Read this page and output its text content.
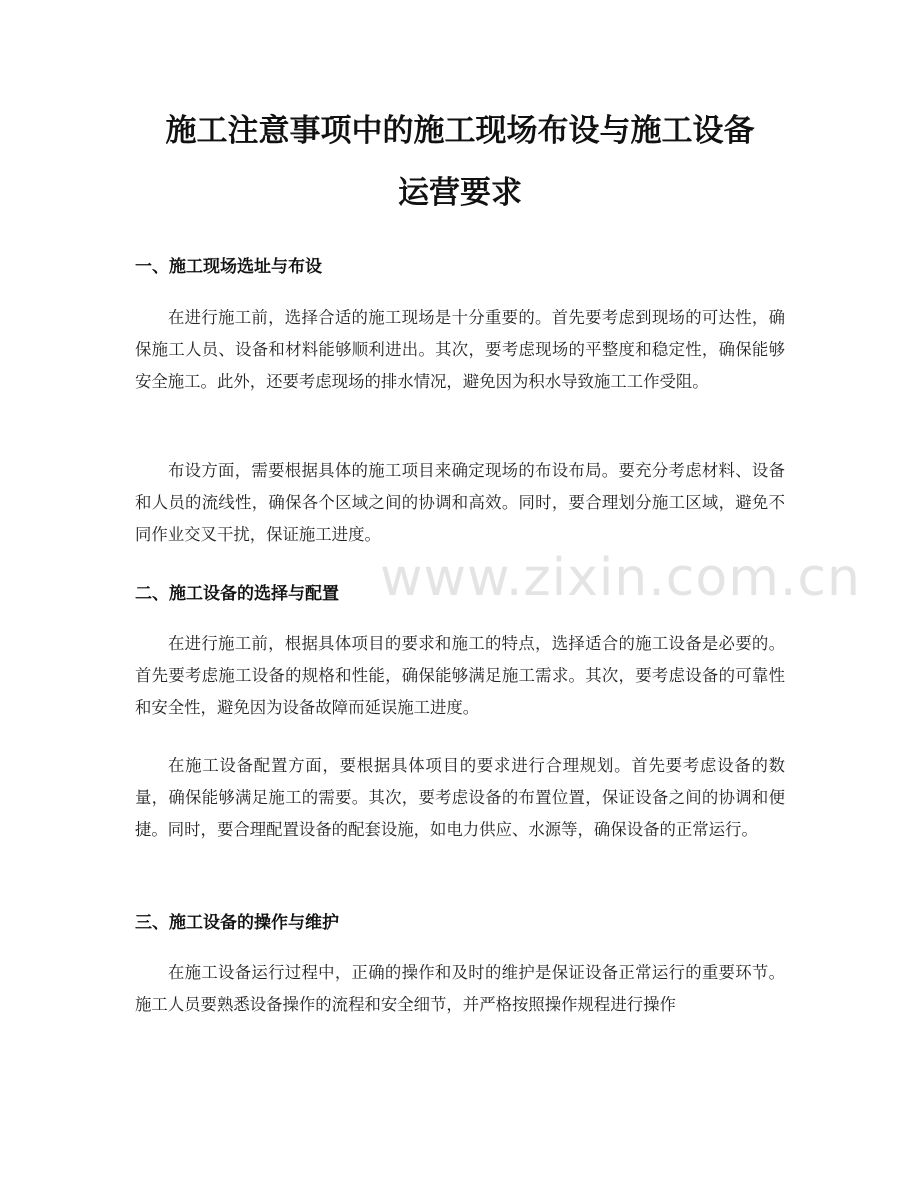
www.zixin.com.cn
施工注意事项中的施工现场布设与施工设备
运营要求
一、施工现场选址与布设

在进行施工前，选择合适的施工现场是十分重要的。首先要考虑到现场的可达性，确保施工人员、设备和材料能够顺利进出。其次，要考虑现场的平整度和稳定性，确保能够安全施工。此外，还要考虑现场的排水情况，避免因为积水导致施工工作受阻。

布设方面，需要根据具体的施工项目来确定现场的布设布局。要充分考虑材料、设备和人员的流线性，确保各个区域之间的协调和高效。同时，要合理划分施工区域，避免不同作业交叉干扰，保证施工进度。

二、施工设备的选择与配置

在进行施工前，根据具体项目的要求和施工的特点，选择适合的施工设备是必要的。首先要考虑施工设备的规格和性能，确保能够满足施工需求。其次，要考虑设备的可靠性和安全性，避免因为设备故障而延误施工进度。

在施工设备配置方面，要根据具体项目的要求进行合理规划。首先要考虑设备的数量，确保能够满足施工的需要。其次，要考虑设备的布置位置，保证设备之间的协调和便捷。同时，要合理配置设备的配套设施，如电力供应、水源等，确保设备的正常运行。

三、施工设备的操作与维护

在施工设备运行过程中，正确的操作和及时的维护是保证设备正常运行的重要环节。施工人员要熟悉设备操作的流程和安全细节，并严格按照操作规程进行操作
